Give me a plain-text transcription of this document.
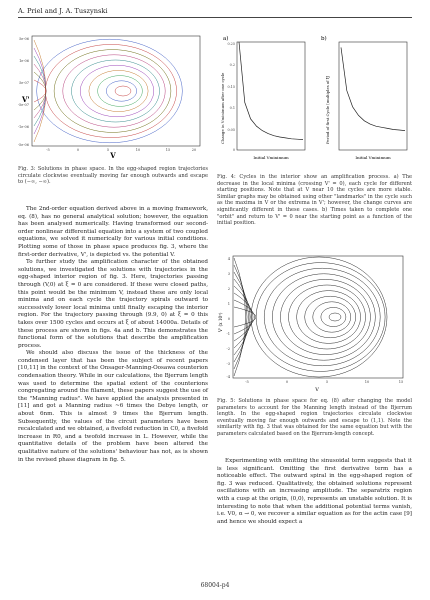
A. Priel and J. A. Tuszynski
5e-06
1e-06
5e-07
-5e-07
-1e-06
-5e-06
-5	0	5	10	15	20
V'
V
Fig. 3: Solutions in phase space. In the egg-shaped region trajectories circulate clockwise eventually moving far enough outwards and escape to (−∞, −∞).

The 2nd-order equation derived above in a moving framework, eq. (8), has no general analytical solution; however, the equation has been analysed numerically. Having transformed our second-order nonlinear differential equation into a system of two coupled equations, we solved it numerically for various initial conditions. Plotting some of those in phase space produces fig. 3, where the first-order derivative, V', is depicted vs. the potential V.

To further study the amplification character of the obtained solutions, we investigated the solutions with trajectories in the egg-shaped interior region of fig. 3. Here, trajectories passing through (V,0) at ξ = 0 are considered. If these were closed paths, this point would be the minimum V, instead these are only local minima and on each cycle the trajectory spirals outward to successively lower local minima until finally escaping the interior region. For the trajectory passing through (9.9, 0) at ξ = 0 this takes over 1500 cycles and occurs at ξ of about 14000a. Details of these process are shown in figs. 4a and b. This demonstrates the functional form of the solutions that describe the amplification process.

We should also discuss the issue of the thickness of the condensed layer that has been the subject of recent papers [10,11] in the context of the Onsager-Manning-Oosawa counterion condensation theory. While in our calculations, the Bjerrum length was used to determine the spatial extent of the counterions congregating around the filament, these papers suggest the use of the "Manning radius". We have applied the analysis presented in [11] and got a Manning radius ~6 times the Debye length, or about 6nm. This is almost 9 times the Bjerrum length. Subsequently, the values of the circuit parameters have been recalculated and we obtained, a fivefold reduction in C0, a fivefold increase in R0, and a twofold increase in L. However, while the quantitative details of the problem have been altered the qualitative nature of the solutions' behaviour has not, as is shown in the revised phase diagram in fig. 5.

a)
0.25
0.2
0.15
0.1
0.05
0
Change in Vminimum after one cycle
Initial Vminimum
b)
Period of first Cycle [multiples of ξ]
Initial Vminimum
Fig. 4: Cycles in the interior show an amplification process. a) The decrease in the local minima (crossing V' = 0), each cycle for different starting positions. Note that at V near 10 the cycles are more stable. Similar graphs may be obtained using other "landmarks" in the cycle such as the maxima in V or the extrema in V'; however, the change curves are significantly different in these cases. b) Times taken to complete one "orbit" and return to V' = 0 near the starting point as a function of the initial position.
4
3
2
1
0
-1
-2
-3
-4
-5	0	5	10	15
V' (x 10³)
V
Fig. 5: Solutions in phase space for eq. (8) after changing the model parameters to account for the Manning length instead of the Bjerrum length. In the egg-shaped region trajectories circulate clockwise eventually moving far enough outwards and escape to (1,1). Note the similarity with fig. 3 that was obtained for the same equation but with the parameters calculated based on the Bjerrum-length concept.

Experimenting with omitting the sinusoidal term suggests that it is less significant. Omitting the first derivative term has a noticeable effect. The outward spiral in the egg-shaped region of fig. 3 was reduced. Qualitatively, the obtained solutions represent oscillations with an increasing amplitude. The separatrix region with a cusp at the origin, (0,0), represents an unstable solution. It is interesting to note that when the additional potential terms vanish, i.e. V0, α → 0, we recover a similar equation as for the actin case [9] and hence we should expect a

68004-p4
